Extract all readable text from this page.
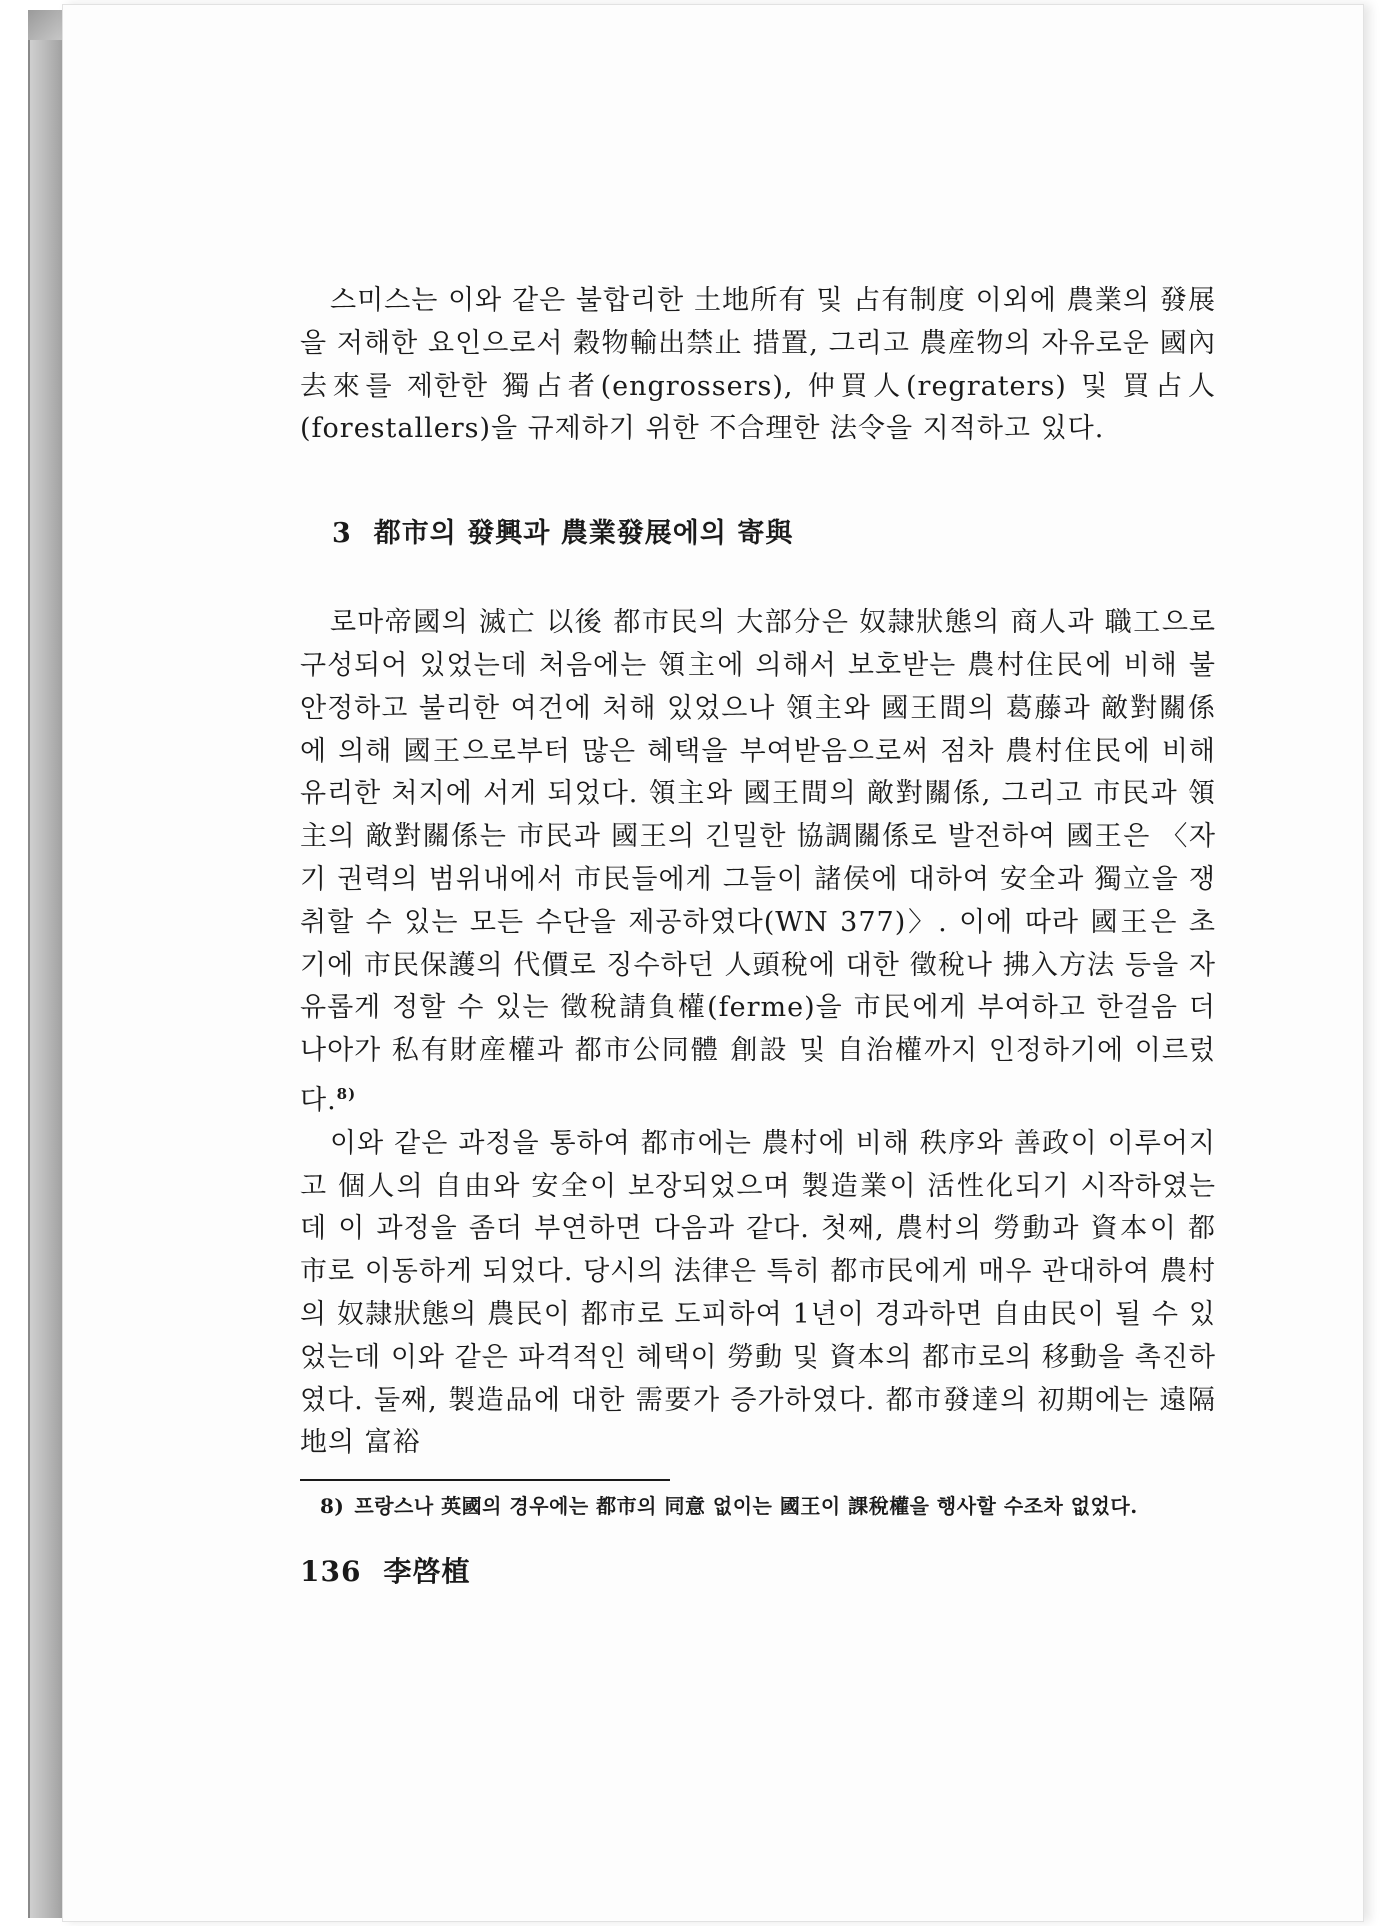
스미스는 이와 같은 불합리한 土地所有 및 占有制度 이외에 農業의 發展을 저해한 요인으로서 穀物輸出禁止 措置, 그리고 農産物의 자유로운 國內去來를 제한한 獨占者(engrossers), 仲買人(regraters) 및 買占人(forestallers)을 규제하기 위한 不合理한 法令을 지적하고 있다.
3 都市의 發興과 農業發展에의 寄與
로마帝國의 滅亡 以後 都市民의 大部分은 奴隷狀態의 商人과 職工으로 구성되어 있었는데 처음에는 領主에 의해서 보호받는 農村住民에 비해 불안정하고 불리한 여건에 처해 있었으나 領主와 國王間의 葛藤과 敵對關係에 의해 國王으로부터 많은 혜택을 부여받음으로써 점차 農村住民에 비해 유리한 처지에 서게 되었다. 領主와 國王間의 敵對關係, 그리고 市民과 領主의 敵對關係는 市民과 國王의 긴밀한 協調關係로 발전하여 國王은 〈자기 권력의 범위내에서 市民들에게 그들이 諸侯에 대하여 安全과 獨立을 쟁취할 수 있는 모든 수단을 제공하였다(WN 377)〉. 이에 따라 國王은 초기에 市民保護의 代價로 징수하던 人頭稅에 대한 徵稅나 拂入方法 등을 자유롭게 정할 수 있는 徵稅請負權(ferme)을 市民에게 부여하고 한걸음 더 나아가 私有財産權과 都市公同體 創設 및 自治權까지 인정하기에 이르렀다.$^{8)}$
이와 같은 과정을 통하여 都市에는 農村에 비해 秩序와 善政이 이루어지고 個人의 自由와 安全이 보장되었으며 製造業이 活性化되기 시작하였는데 이 과정을 좀더 부연하면 다음과 같다. 첫째, 農村의 勞動과 資本이 都市로 이동하게 되었다. 당시의 法律은 특히 都市民에게 매우 관대하여 農村의 奴隷狀態의 農民이 都市로 도피하여 1년이 경과하면 自由民이 될 수 있었는데 이와 같은 파격적인 혜택이 勞動 및 資本의 都市로의 移動을 촉진하였다. 둘째, 製造品에 대한 需要가 증가하였다. 都市發達의 初期에는 遠隔地의 富裕
8) 프랑스나 英國의 경우에는 都市의 同意 없이는 國王이 課稅權을 행사할 수조차 없었다.
136 李啓植
